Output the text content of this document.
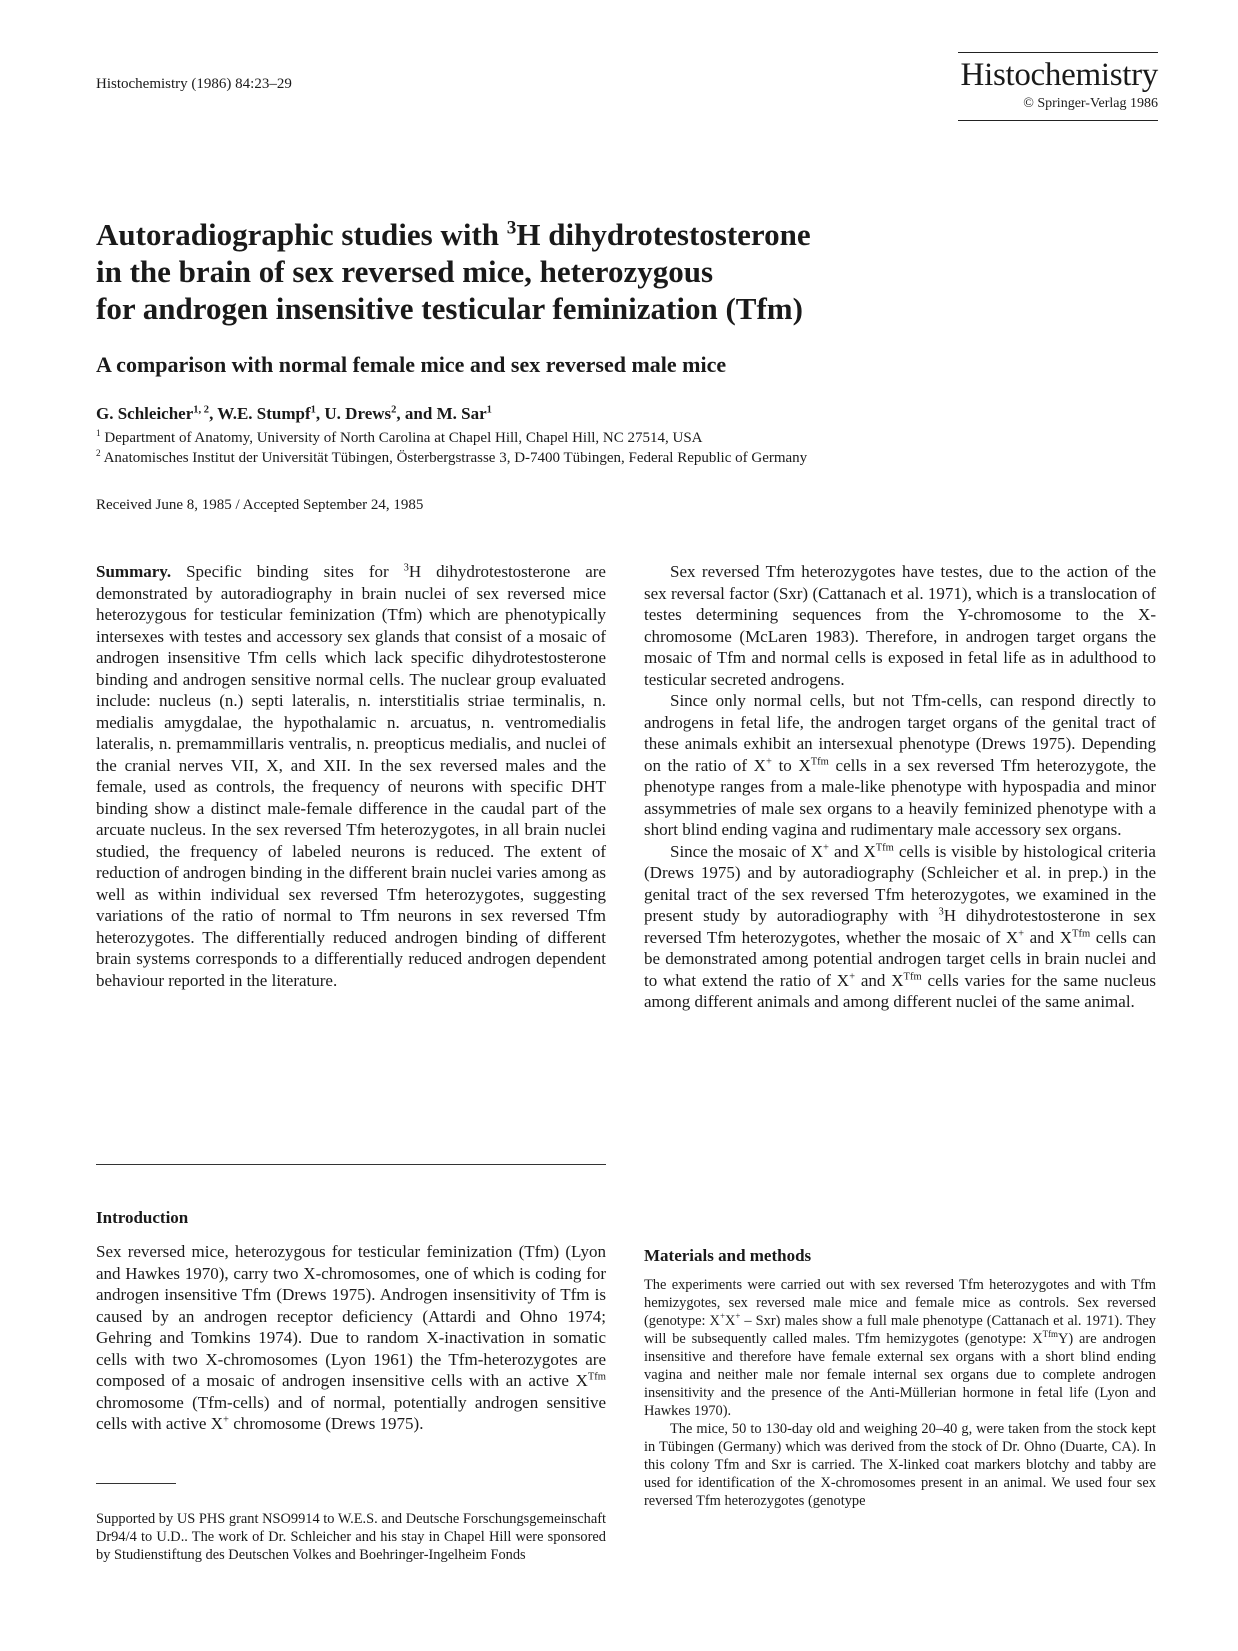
Histochemistry (1986) 84:23–29	Histochemistry
© Springer-Verlag 1986
Autoradiographic studies with $^3$H dihydrotestosterone
in the brain of sex reversed mice, heterozygous
for androgen insensitive testicular feminization (Tfm)
A comparison with normal female mice and sex reversed male mice
G. Schleicher$^{1, 2}$, W.E. Stumpf$^1$, U. Drews$^2$, and M. Sar$^1$
$^1$ Department of Anatomy, University of North Carolina at Chapel Hill, Chapel Hill, NC 27514, USA
$^2$ Anatomisches Institut der Universität Tübingen, Österbergstrasse 3, D-7400 Tübingen, Federal Republic of Germany
Received June 8, 1985 / Accepted September 24, 1985

Summary. Specific binding sites for $^3$H dihydrotestosterone are demonstrated by autoradiography in brain nuclei of sex reversed mice heterozygous for testicular feminization (Tfm) which are phenotypically intersexes with testes and accessory sex glands that consist of a mosaic of androgen insensitive Tfm cells which lack specific dihydrotestosterone binding and androgen sensitive normal cells. The nuclear group evaluated include: nucleus (n.) septi lateralis, n. interstitialis striae terminalis, n. medialis amygdalae, the hypothalamic n. arcuatus, n. ventromedialis lateralis, n. premammillaris ventralis, n. preopticus medialis, and nuclei of the cranial nerves VII, X, and XII. In the sex reversed males and the female, used as controls, the frequency of neurons with specific DHT binding show a distinct male-female difference in the caudal part of the arcuate nucleus. In the sex reversed Tfm heterozygotes, in all brain nuclei studied, the frequency of labeled neurons is reduced. The extent of reduction of androgen binding in the different brain nuclei varies among as well as within individual sex reversed Tfm heterozygotes, suggesting variations of the ratio of normal to Tfm neurons in sex reversed Tfm heterozygotes. The differentially reduced androgen binding of different brain systems corresponds to a differentially reduced androgen dependent behaviour reported in the literature.

Introduction

Sex reversed mice, heterozygous for testicular feminization (Tfm) (Lyon and Hawkes 1970), carry two X-chromosomes, one of which is coding for androgen insensitive Tfm (Drews 1975). Androgen insensitivity of Tfm is caused by an androgen receptor deficiency (Attardi and Ohno 1974; Gehring and Tomkins 1974). Due to random X-inactivation in somatic cells with two X-chromosomes (Lyon 1961) the Tfm-heterozygotes are composed of a mosaic of androgen insensitive cells with an active $X^{Tfm}$ chromosome (Tfm-cells) and of normal, potentially androgen sensitive cells with active X+ chromosome (Drews 1975).

Supported by US PHS grant NSO9914 to W.E.S. and Deutsche Forschungsgemeinschaft Dr94/4 to U.D.. The work of Dr. Schleicher and his stay in Chapel Hill were sponsored by Studienstiftung des Deutschen Volkes and Boehringer-Ingelheim Fonds

Sex reversed Tfm heterozygotes have testes, due to the action of the sex reversal factor (Sxr) (Cattanach et al. 1971), which is a translocation of testes determining sequences from the Y-chromosome to the X-chromosome (McLaren 1983). Therefore, in androgen target organs the mosaic of Tfm and normal cells is exposed in fetal life as in adulthood to testicular secreted androgens.

Since only normal cells, but not Tfm-cells, can respond directly to androgens in fetal life, the androgen target organs of the genital tract of these animals exhibit an intersexual phenotype (Drews 1975). Depending on the ratio of X+ to $X^{Tfm}$ cells in a sex reversed Tfm heterozygote, the phenotype ranges from a male-like phenotype with hypospadia and minor assymmetries of male sex organs to a heavily feminized phenotype with a short blind ending vagina and rudimentary male accessory sex organs.

Since the mosaic of X+ and $X^{Tfm}$ cells is visible by histological criteria (Drews 1975) and by autoradiography (Schleicher et al. in prep.) in the genital tract of the sex reversed Tfm heterozygotes, we examined in the present study by autoradiography with $^3$H dihydrotestosterone in sex reversed Tfm heterozygotes, whether the mosaic of X+ and $X^{Tfm}$ cells can be demonstrated among potential androgen target cells in brain nuclei and to what extend the ratio of X+ and $X^{Tfm}$ cells varies for the same nucleus among different animals and among different nuclei of the same animal.

Materials and methods

The experiments were carried out with sex reversed Tfm heterozygotes and with Tfm hemizygotes, sex reversed male mice and female mice as controls. Sex reversed (genotype: X+X+ – Sxr) males show a full male phenotype (Cattanach et al. 1971). They will be subsequently called males. Tfm hemizygotes (genotype: $X^{Tfm}Y$) are androgen insensitive and therefore have female external sex organs with a short blind ending vagina and neither male nor female internal sex organs due to complete androgen insensitivity and the presence of the Anti-Müllerian hormone in fetal life (Lyon and Hawkes 1970).

The mice, 50 to 130-day old and weighing 20–40 g, were taken from the stock kept in Tübingen (Germany) which was derived from the stock of Dr. Ohno (Duarte, CA). In this colony Tfm and Sxr is carried. The X-linked coat markers blotchy and tabby are used for identification of the X-chromosomes present in an animal. We used four sex reversed Tfm heterozygotes (genotype
